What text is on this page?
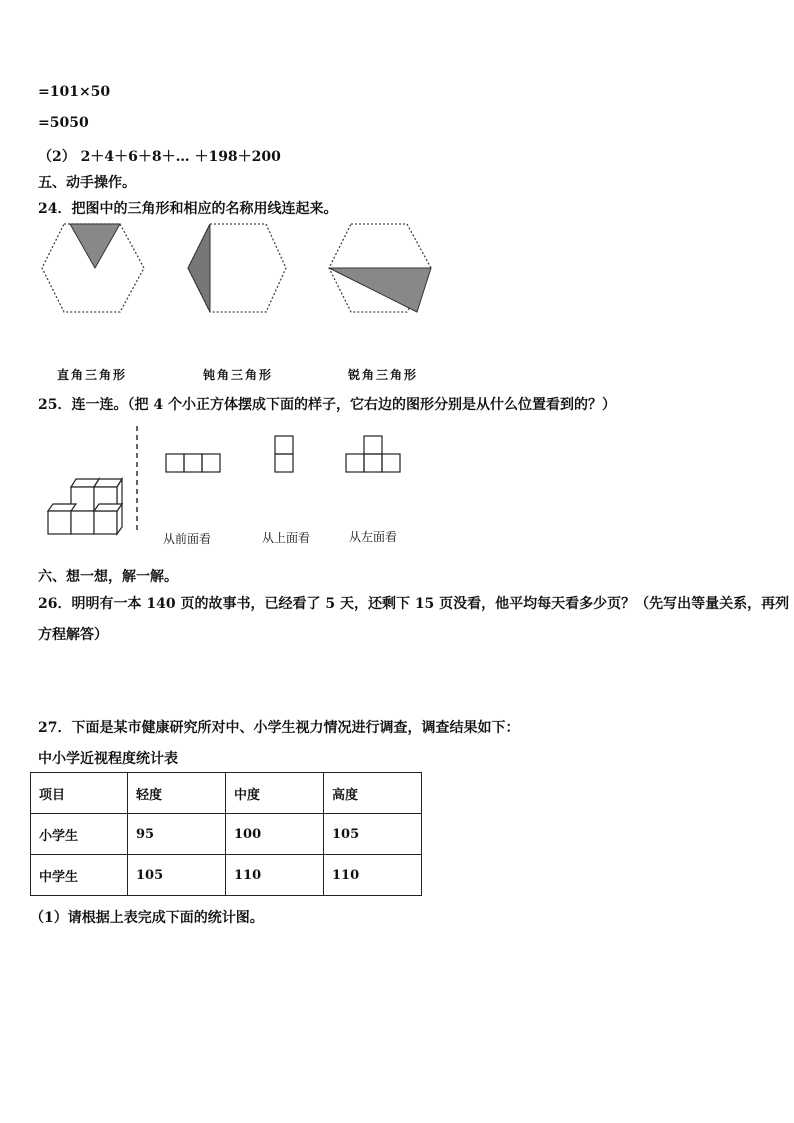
=101×50
=5050
（2） 2＋4＋6＋8＋… ＋198＋200
五、动手操作。
24．把图中的三角形和相应的名称用线连起来。
直角三角形	钝角三角形	锐角三角形
25．连一连。（把 4 个小正方体摆成下面的样子，它右边的图形分别是从什么位置看到的？）
从前面看	从上面看	从左面看
六、想一想，解一解。
26．明明有一本 140 页的故事书，已经看了 5 天，还剩下 15 页没看，他平均每天看多少页？（先写出等量关系，再列
方程解答）
27．下面是某市健康研究所对中、小学生视力情况进行调查，调查结果如下：
中小学近视程度统计表
项目	轻度	中度	高度
小学生	95	100	105
中学生	105	110	110
（1）请根据上表完成下面的统计图。
